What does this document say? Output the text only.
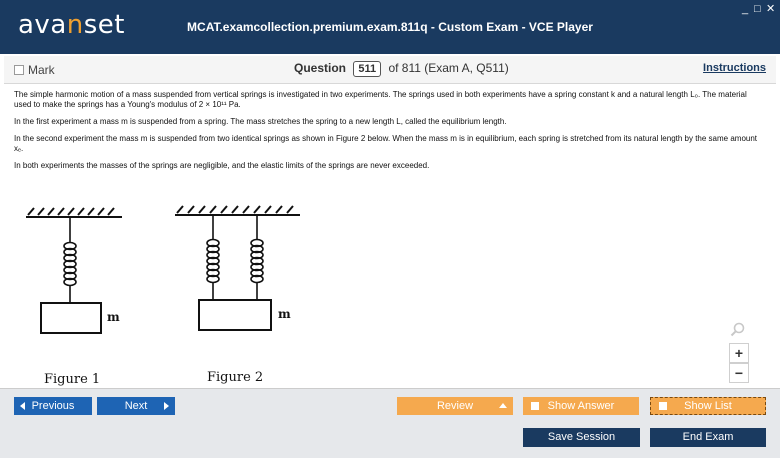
avanset	MCAT.examcollection.premium.exam.811q - Custom Exam - VCE Player
_ □ ✕
Mark	Question 511 of 811 (Exam A, Q511)	Instructions

The simple harmonic motion of a mass suspended from vertical springs is investigated in two experiments. The springs used in both experiments have a spring constant k and a natural length L₀. The material used to make the springs has a Young's modulus of 2 × 10¹¹ Pa.

In the first experiment a mass m is suspended from a spring. The mass stretches the spring to a new length L, called the equilibrium length.

In the second experiment the mass m is suspended from two identical springs as shown in Figure 2 below. When the mass m is in equilibrium, each spring is stretched from its natural length by the same amount xₑ.

In both experiments the masses of the springs are negligible, and the elastic limits of the springs are never exceeded.

m	m
Figure 1	Figure 2
+
−
Previous	Next	Review	Show Answer	Show List
Save Session	End Exam
